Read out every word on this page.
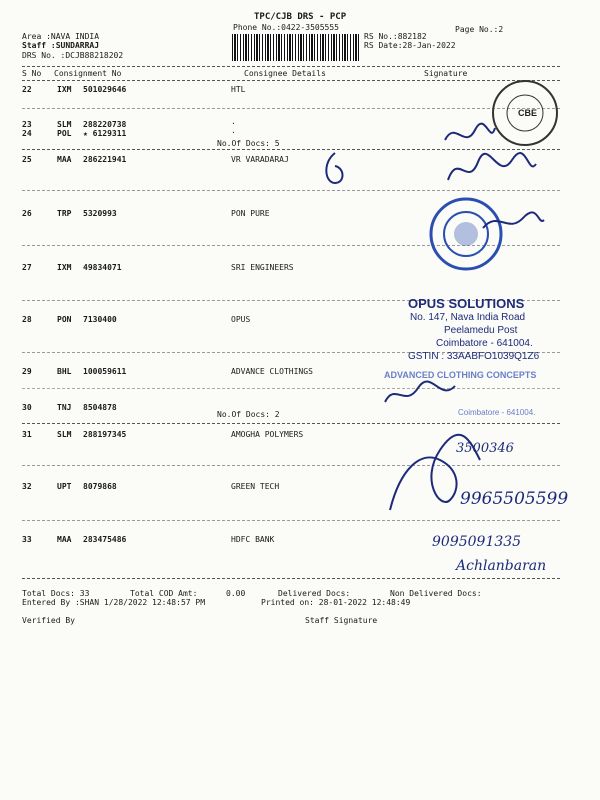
TPC/CJB DRS - PCP
Phone No.:0422-3505555	Page No.:2
Area :NAVA INDIA
Staff :SUNDARRAJ
DRS No. :DCJB88218202
RS No.:882182
RS Date:28-Jan-2022
S No Consignment No	Consignee Details	Signature
22	IXM 501029646	HTL
23	SLM 288220738	.
24	POL ★ 6129311	.
No.Of Docs: 5
25	MAA 286221941	VR VARADARAJ
26	TRP 5320993	PON PURE
27	IXM 49834071	SRI ENGINEERS
28	PON 7130400	OPUS
29	BHL 100059611	ADVANCE CLOTHINGS
30	TNJ 8504878
No.Of Docs: 2
31	SLM 288197345	AMOGHA POLYMERS
32	UPT 8079868	GREEN TECH
33	MAA 283475486	HDFC BANK
Total Docs: 33	Total COD Amt:	0.00	Delivered Docs:	Non Delivered Docs:
Entered By :SHAN 1/28/2022 12:48:57 PM	Printed on: 28-01-2022 12:48:49
Verified By	Staff Signature
CBE
OPUS SOLUTIONS
No. 147, Nava India Road
Peelamedu Post
Coimbatore - 641004.
GSTIN : 33AABFO1039Q1Z6
ADVANCED CLOTHING CONCEPTS
Coimbatore - 641004.
3500346
9965505599
9095091335
Achlanbaran
